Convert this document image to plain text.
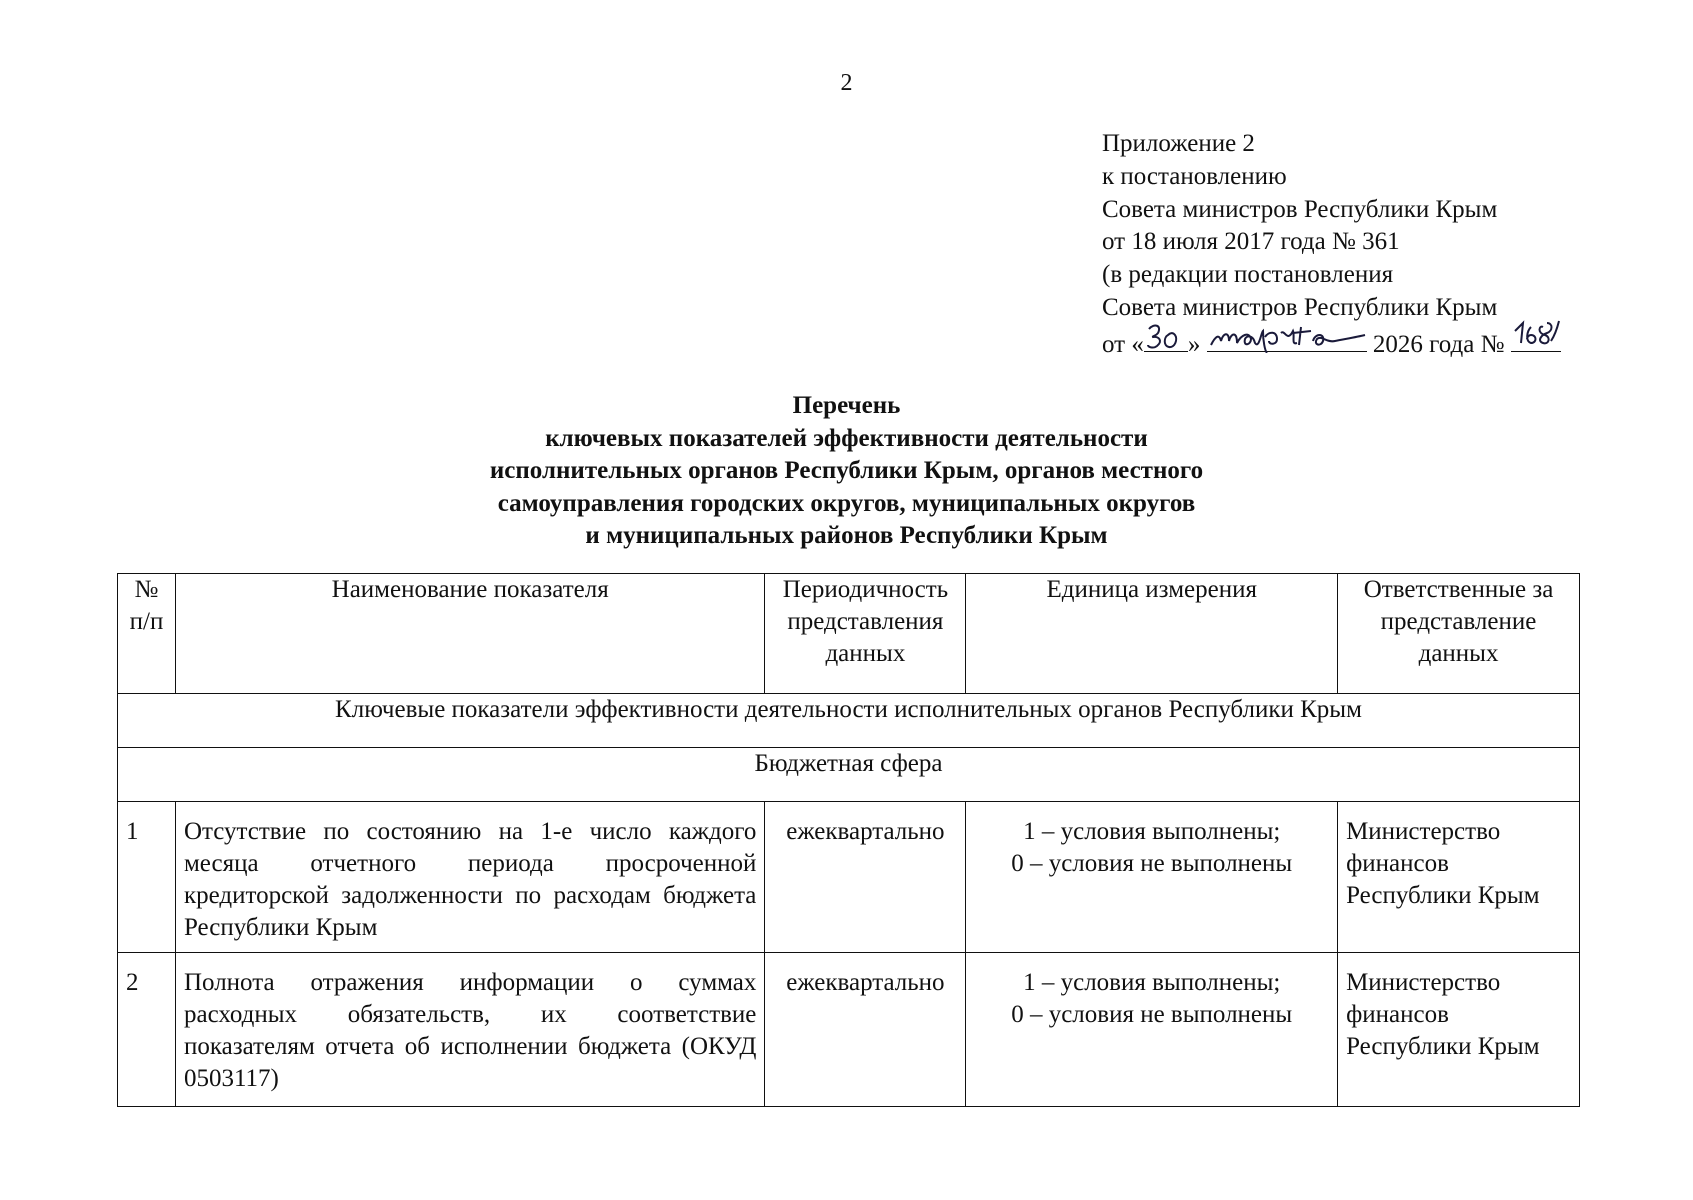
2
Приложение 2
к постановлению
Совета министров Республики Крым
от 18 июля 2017 года № 361
(в редакции постановления
Совета министров Республики Крым
от « »	2026 года №
Перечень
ключевых показателей эффективности деятельности
исполнительных органов Республики Крым, органов местного
самоуправления городских округов, муниципальных округов
и муниципальных районов Республики Крым
№ п/п	Наименование показателя	Периодичность представления данных	Единица измерения	Ответственные за представление данных
Ключевые показатели эффективности деятельности исполнительных органов Республики Крым				
Бюджетная сфера				
1	Отсутствие по состоянию на 1-е число каждого месяца отчетного периода просроченной кредиторской задолженности по расходам бюджета Республики Крым	ежеквартально	1 – условия выполнены;
0 – условия не выполнены	Министерство финансов Республики Крым
2	Полнота отражения информации о суммах расходных обязательств, их соответствие показателям отчета об исполнении бюджета (ОКУД 0503117)	ежеквартально	1 – условия выполнены;
0 – условия не выполнены	Министерство финансов Республики Крым
